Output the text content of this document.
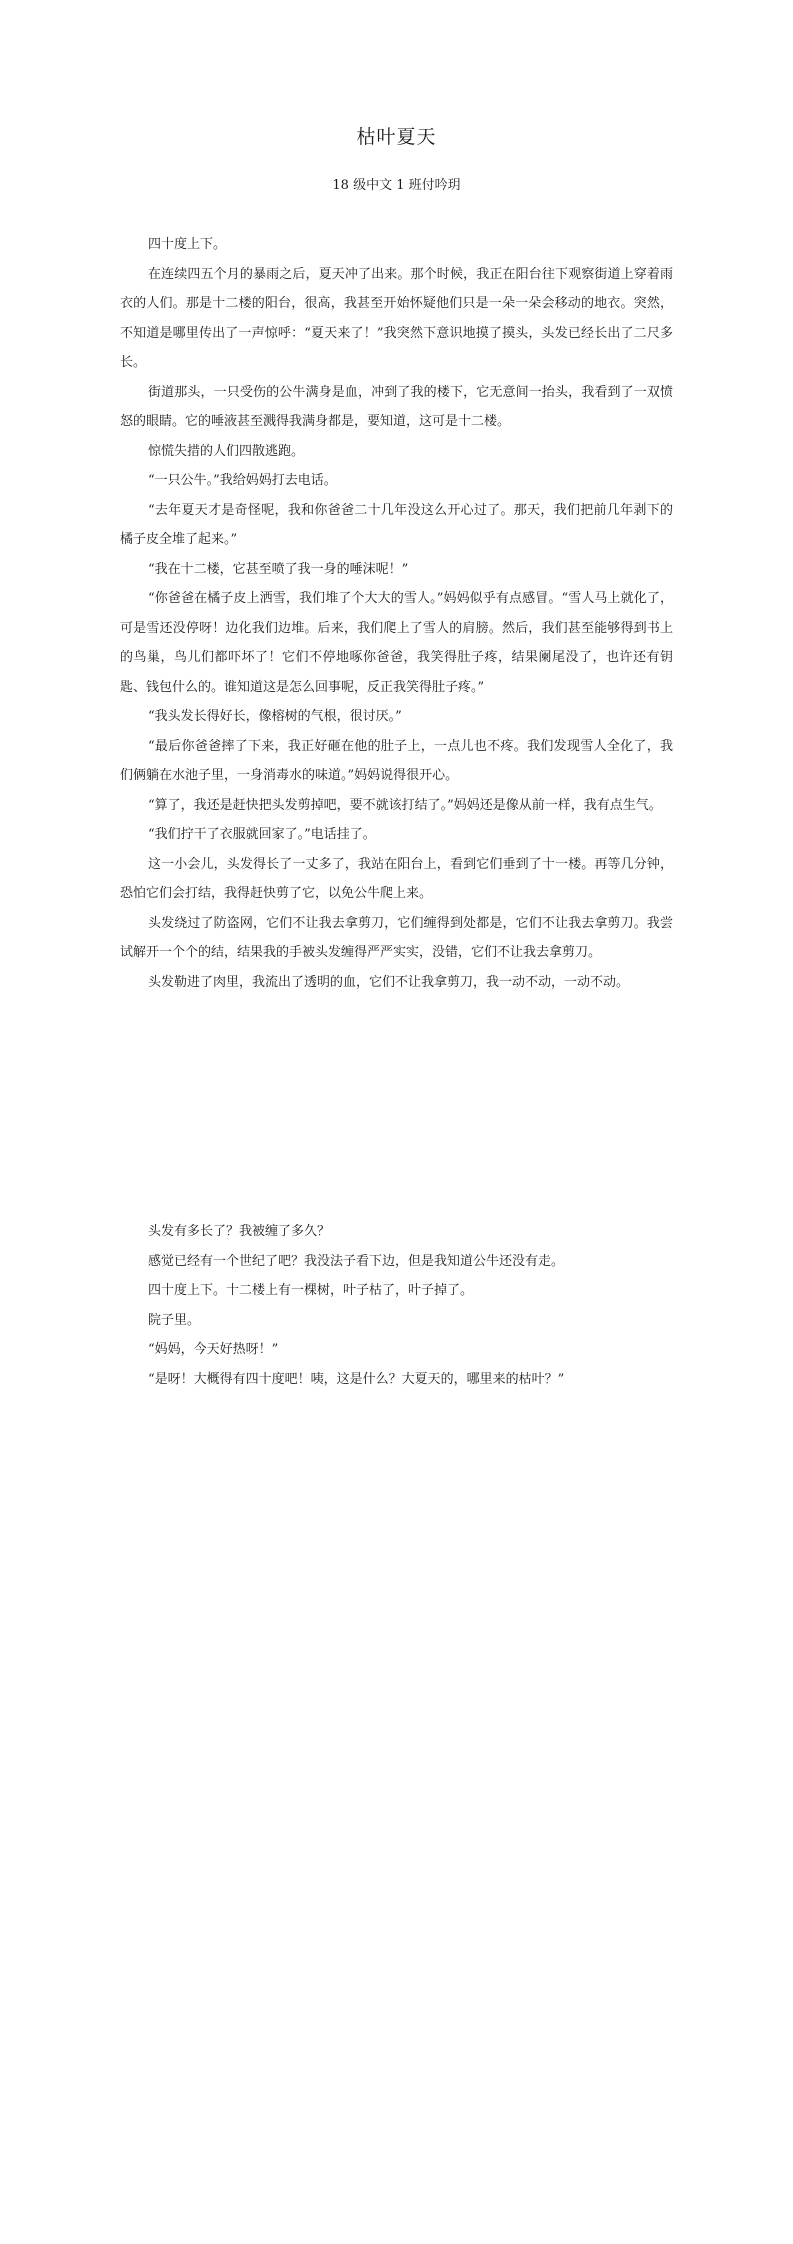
枯叶夏天
18 级中文 1 班付吟玥

四十度上下。

在连续四五个月的暴雨之后，夏天冲了出来。那个时候，我正在阳台往下观察街道上穿着雨衣的人们。那是十二楼的阳台，很高，我甚至开始怀疑他们只是一朵一朵会移动的地衣。突然，不知道是哪里传出了一声惊呼：“夏天来了！”我突然下意识地摸了摸头，头发已经长出了二尺多长。

街道那头，一只受伤的公牛满身是血，冲到了我的楼下，它无意间一抬头，我看到了一双愤怒的眼睛。它的唾液甚至溅得我满身都是，要知道，这可是十二楼。

惊慌失措的人们四散逃跑。

“一只公牛。”我给妈妈打去电话。

“去年夏天才是奇怪呢，我和你爸爸二十几年没这么开心过了。那天，我们把前几年剥下的橘子皮全堆了起来。”

“我在十二楼，它甚至喷了我一身的唾沫呢！”

“你爸爸在橘子皮上洒雪，我们堆了个大大的雪人。”妈妈似乎有点感冒。“雪人马上就化了，可是雪还没停呀！边化我们边堆。后来，我们爬上了雪人的肩膀。然后，我们甚至能够得到书上的鸟巢，鸟儿们都吓坏了！它们不停地啄你爸爸，我笑得肚子疼，结果阑尾没了，也许还有钥匙、钱包什么的。谁知道这是怎么回事呢，反正我笑得肚子疼。”

“我头发长得好长，像榕树的气根，很讨厌。”

“最后你爸爸摔了下来，我正好砸在他的肚子上，一点儿也不疼。我们发现雪人全化了，我们俩躺在水池子里，一身消毒水的味道。”妈妈说得很开心。

“算了，我还是赶快把头发剪掉吧，要不就该打结了。”妈妈还是像从前一样，我有点生气。

“我们拧干了衣服就回家了。”电话挂了。

这一小会儿，头发得长了一丈多了，我站在阳台上，看到它们垂到了十一楼。再等几分钟，恐怕它们会打结，我得赶快剪了它，以免公牛爬上来。

头发绕过了防盗网，它们不让我去拿剪刀，它们缠得到处都是，它们不让我去拿剪刀。我尝试解开一个个的结，结果我的手被头发缠得严严实实，没错，它们不让我去拿剪刀。

头发勒进了肉里，我流出了透明的血，它们不让我拿剪刀，我一动不动，一动不动。

头发有多长了？我被缠了多久？

感觉已经有一个世纪了吧？我没法子看下边，但是我知道公牛还没有走。

四十度上下。十二楼上有一棵树，叶子枯了，叶子掉了。

院子里。

“妈妈，今天好热呀！”

“是呀！大概得有四十度吧！咦，这是什么？大夏天的，哪里来的枯叶？”
